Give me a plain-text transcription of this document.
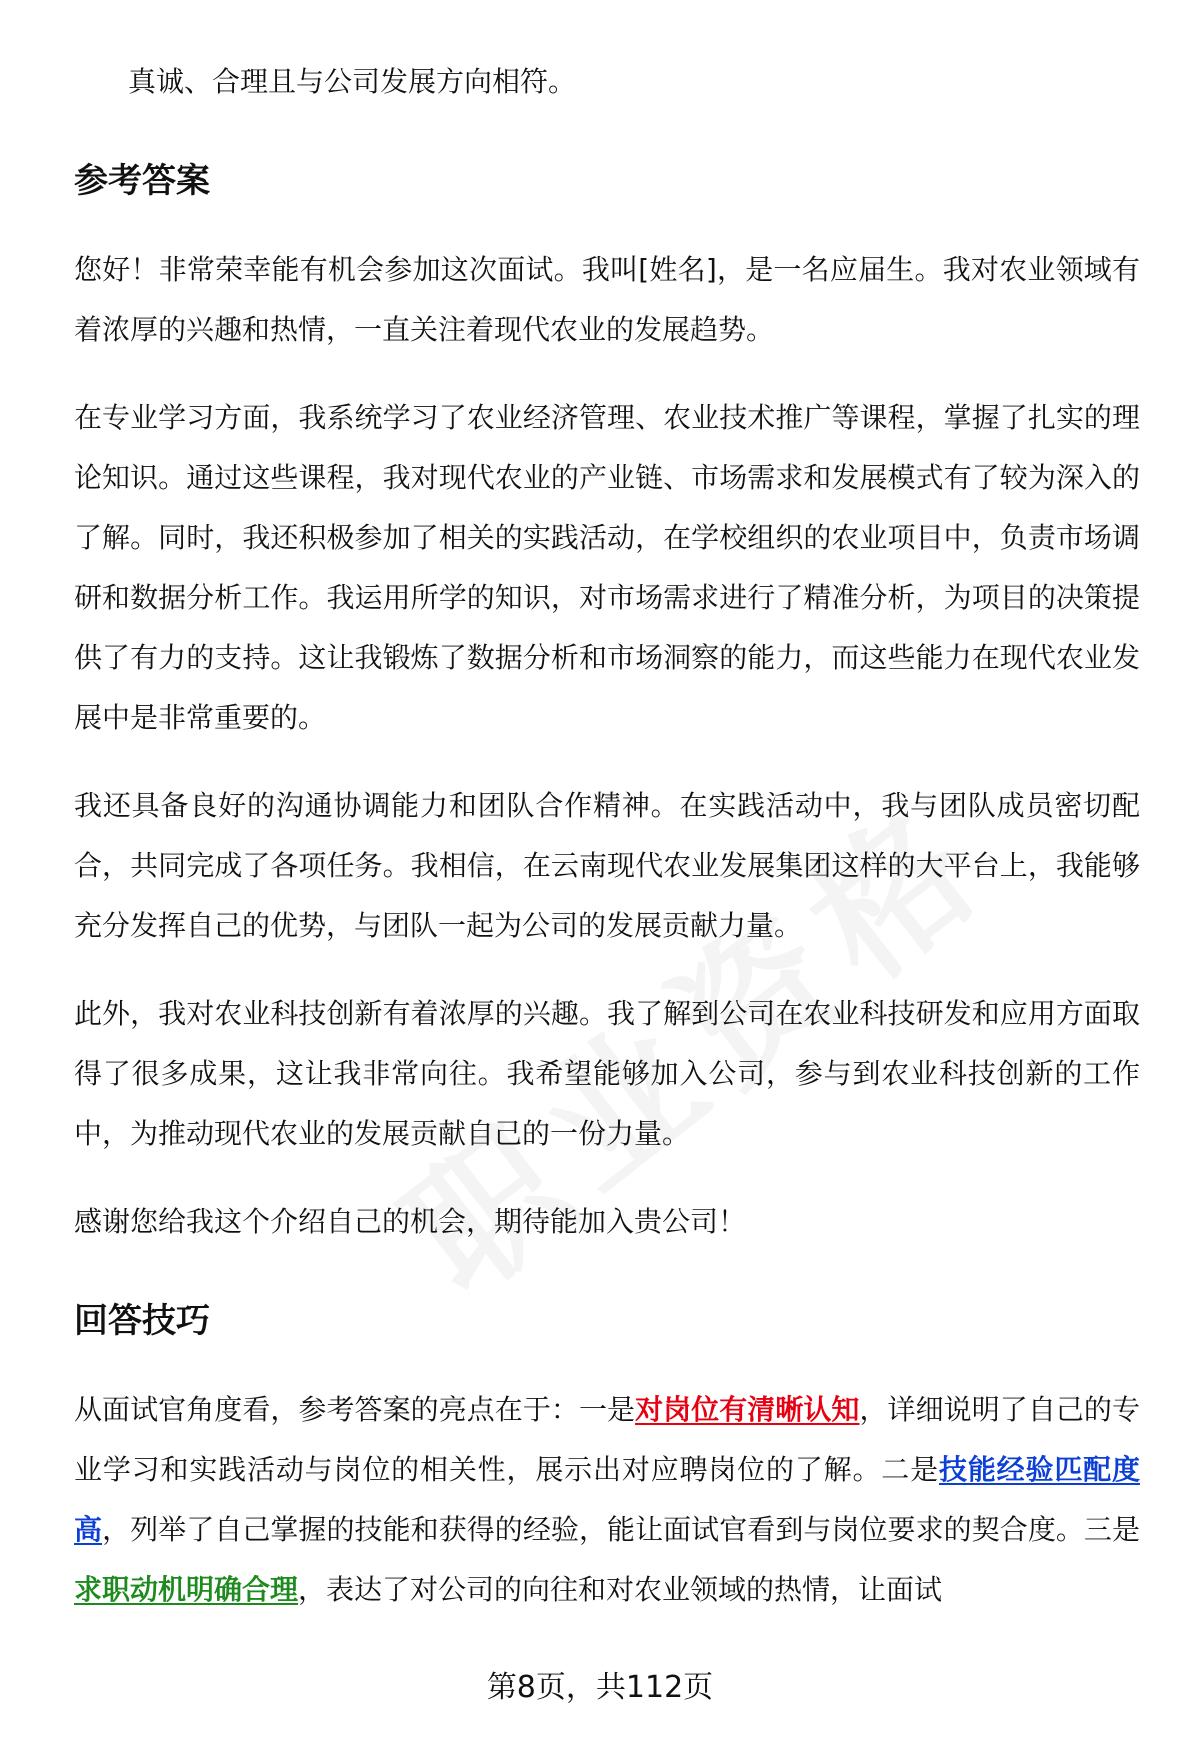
真诚、合理且与公司发展方向相符。

参考答案

您好！非常荣幸能有机会参加这次面试。我叫[姓名]，是一名应届生。我对农业领域有着浓厚的兴趣和热情，一直关注着现代农业的发展趋势。

在专业学习方面，我系统学习了农业经济管理、农业技术推广等课程，掌握了扎实的理论知识。通过这些课程，我对现代农业的产业链、市场需求和发展模式有了较为深入的了解。同时，我还积极参加了相关的实践活动，在学校组织的农业项目中，负责市场调研和数据分析工作。我运用所学的知识，对市场需求进行了精准分析，为项目的决策提供了有力的支持。这让我锻炼了数据分析和市场洞察的能力，而这些能力在现代农业发展中是非常重要的。

我还具备良好的沟通协调能力和团队合作精神。在实践活动中，我与团队成员密切配合，共同完成了各项任务。我相信，在云南现代农业发展集团这样的大平台上，我能够充分发挥自己的优势，与团队一起为公司的发展贡献力量。

此外，我对农业科技创新有着浓厚的兴趣。我了解到公司在农业科技研发和应用方面取得了很多成果，这让我非常向往。我希望能够加入公司，参与到农业科技创新的工作中，为推动现代农业的发展贡献自己的一份力量。

感谢您给我这个介绍自己的机会，期待能加入贵公司！

回答技巧

从面试官角度看，参考答案的亮点在于：一是对岗位有清晰认知，详细说明了自己的专业学习和实践活动与岗位的相关性，展示出对应聘岗位的了解。二是技能经验匹配度高，列举了自己掌握的技能和获得的经验，能让面试官看到与岗位要求的契合度。三是求职动机明确合理，表达了对公司的向往和对农业领域的热情，让面试

第8页，共112页
